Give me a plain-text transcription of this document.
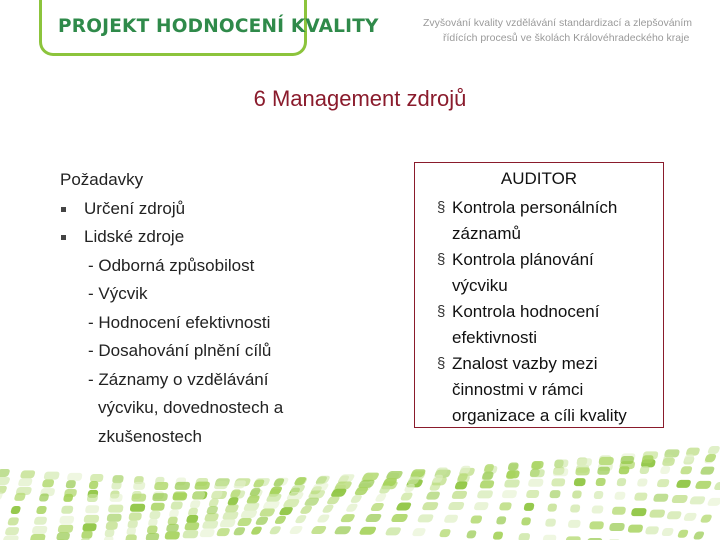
PROJEKT HODNOCENÍ KVALITY	Zvyšování kvality vzdělávání standardizací a zlepšováním
řídících procesů ve školách Královéhradeckého kraje
6 Management zdrojů
Požadavky
Určení zdrojů
Lidské zdroje
- Odborná způsobilost
- Výcvik
- Hodnocení efektivnosti
- Dosahování plnění cílů
- Záznamy o vzdělávání
výcviku, dovednostech a
zkušenostech
AUDITOR
§ Kontrola personálních
záznamů
§ Kontrola plánování
výcviku
§ Kontrola hodnocení
efektivnosti
§ Znalost vazby mezi
činnostmi v rámci
organizace a cíli kvality
